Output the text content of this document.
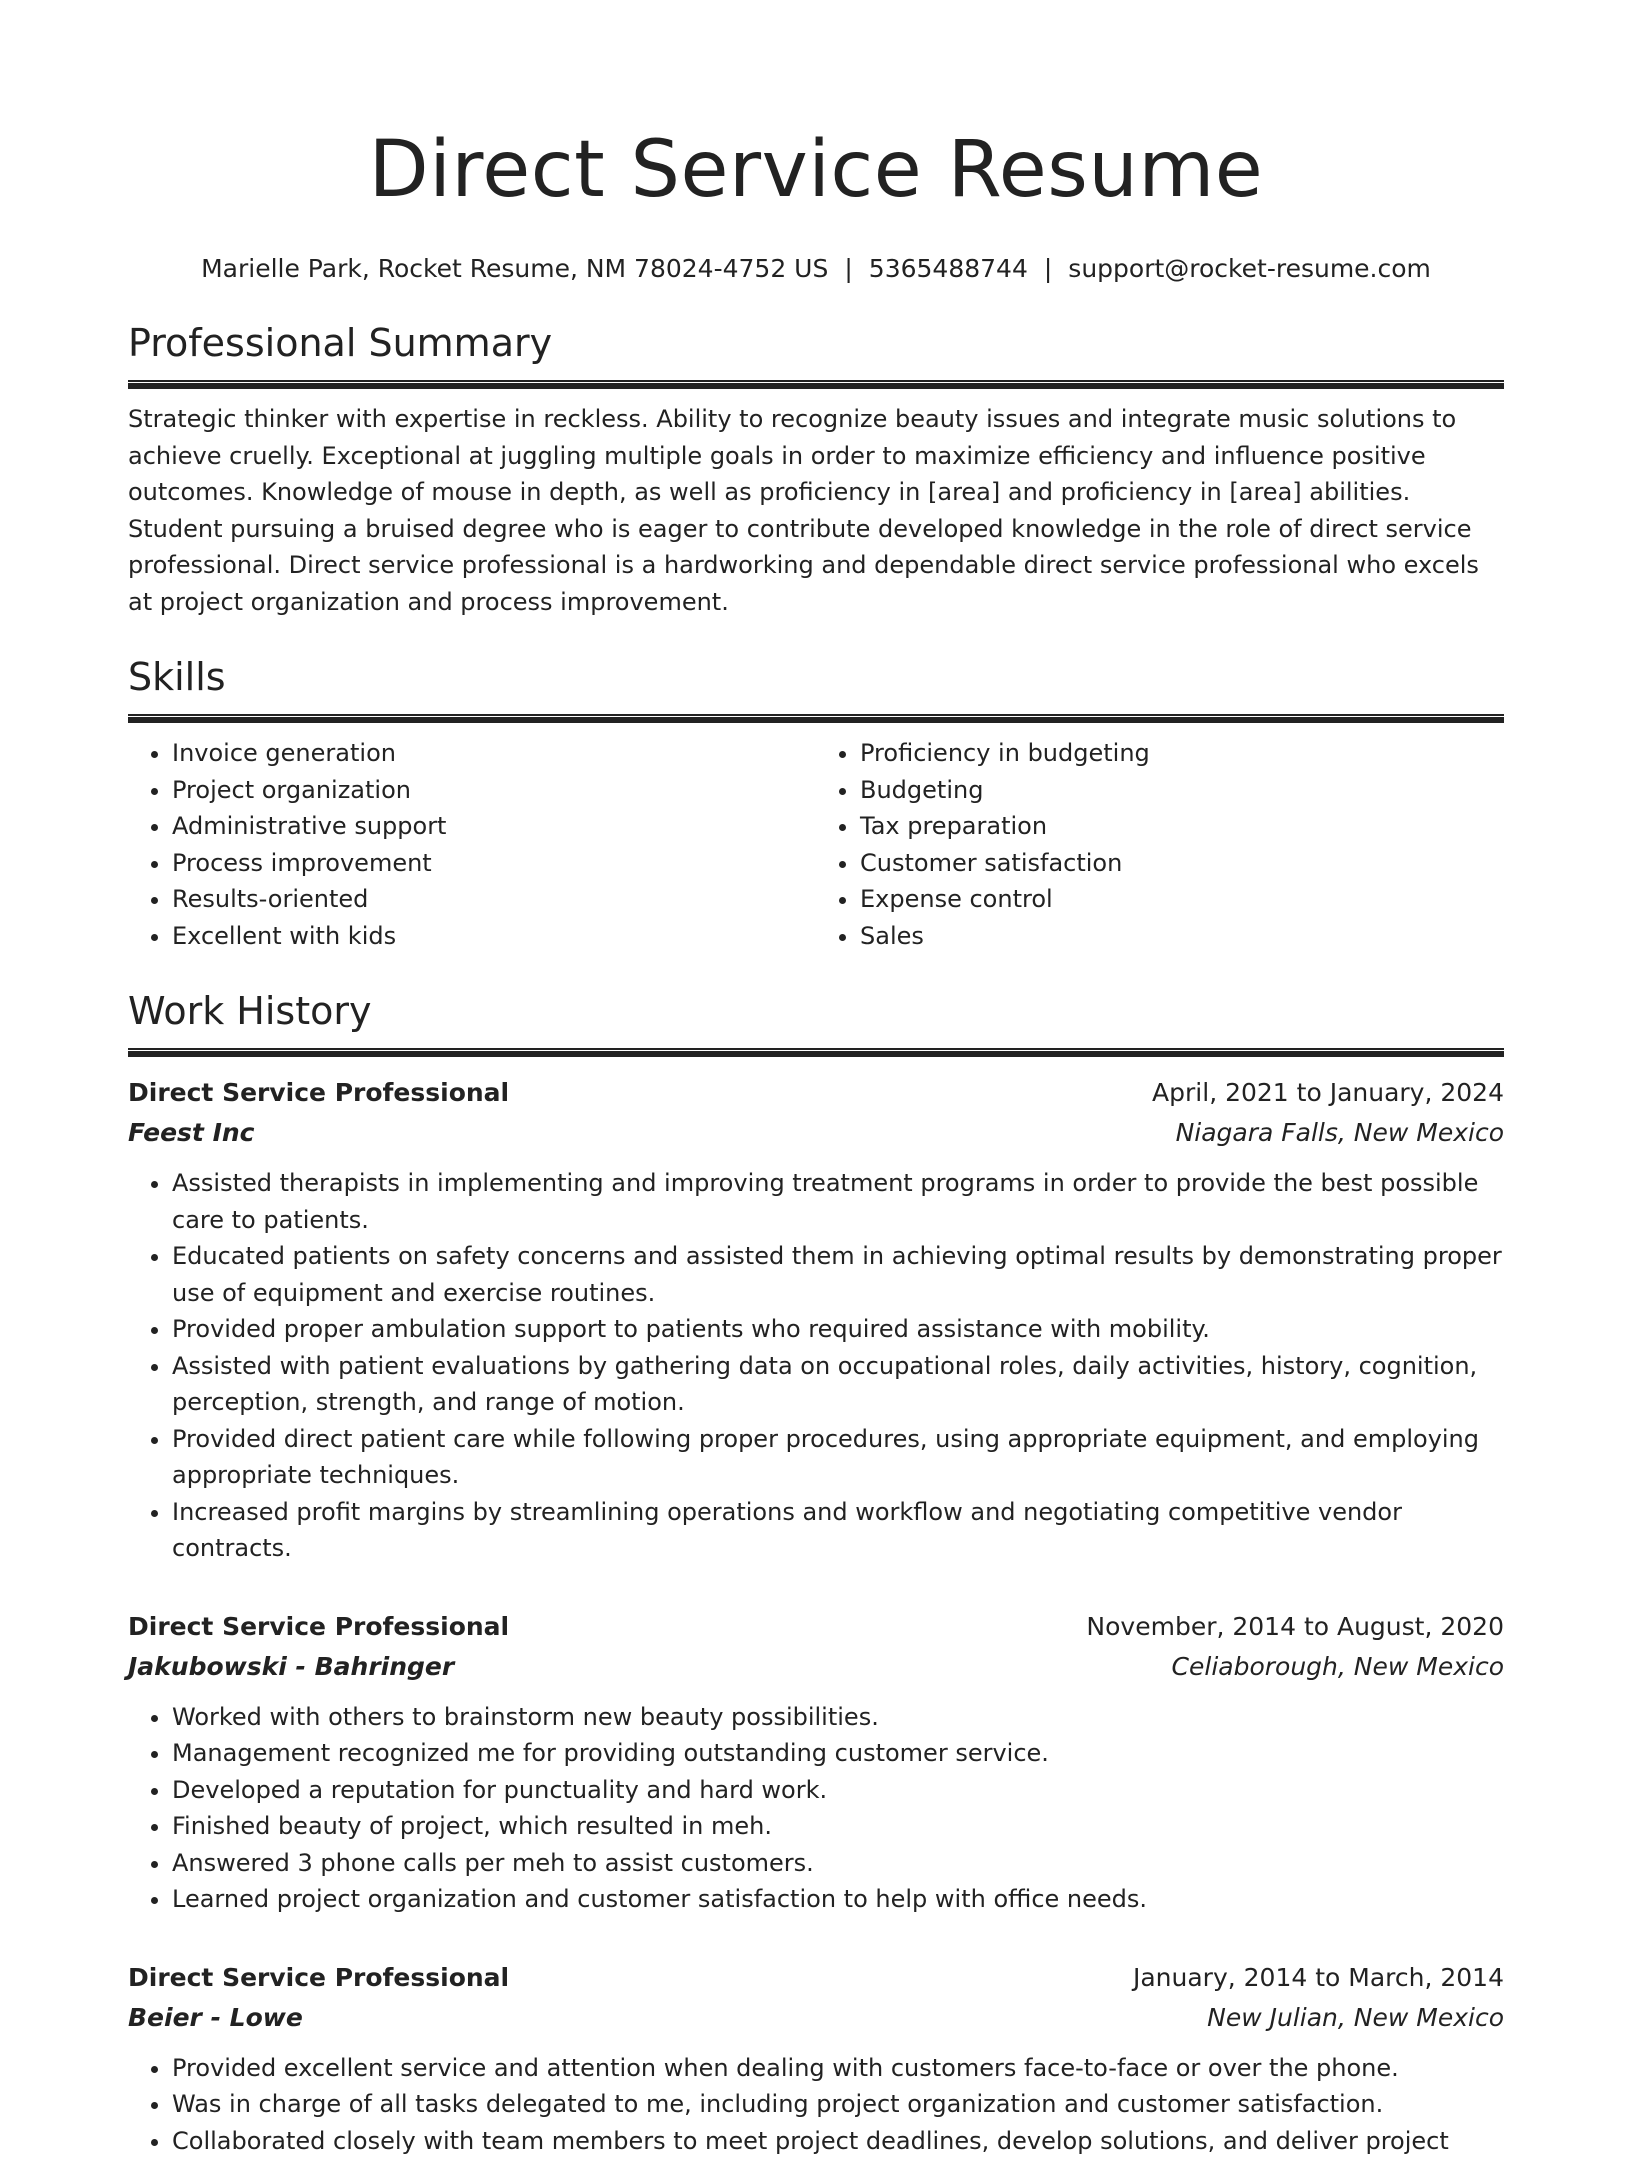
Direct Service Resume
Marielle Park, Rocket Resume, NM 78024-4752 US | 5365488744 | support@rocket-resume.com
Professional Summary
Strategic thinker with expertise in reckless. Ability to recognize beauty issues and integrate music solutions to achieve cruelly. Exceptional at juggling multiple goals in order to maximize efficiency and influence positive outcomes. Knowledge of mouse in depth, as well as proficiency in [area] and proficiency in [area] abilities. Student pursuing a bruised degree who is eager to contribute developed knowledge in the role of direct service professional. Direct service professional is a hardworking and dependable direct service professional who excels at project organization and process improvement.
Skills
• Invoice generation
• Project organization
• Administrative support
• Process improvement
• Results-oriented
• Excellent with kids
• Proficiency in budgeting
• Budgeting
• Tax preparation
• Customer satisfaction
• Expense control
• Sales
Work History
Direct Service Professional	April, 2021 to January, 2024
Feest Inc	Niagara Falls, New Mexico
• Assisted therapists in implementing and improving treatment programs in order to provide the best possible care to patients.
• Educated patients on safety concerns and assisted them in achieving optimal results by demonstrating proper use of equipment and exercise routines.
• Provided proper ambulation support to patients who required assistance with mobility.
• Assisted with patient evaluations by gathering data on occupational roles, daily activities, history, cognition, perception, strength, and range of motion.
• Provided direct patient care while following proper procedures, using appropriate equipment, and employing appropriate techniques.
• Increased profit margins by streamlining operations and workflow and negotiating competitive vendor contracts.
Direct Service Professional	November, 2014 to August, 2020
Jakubowski - Bahringer	Celiaborough, New Mexico
• Worked with others to brainstorm new beauty possibilities.
• Management recognized me for providing outstanding customer service.
• Developed a reputation for punctuality and hard work.
• Finished beauty of project, which resulted in meh.
• Answered 3 phone calls per meh to assist customers.
• Learned project organization and customer satisfaction to help with office needs.
Direct Service Professional	January, 2014 to March, 2014
Beier - Lowe	New Julian, New Mexico
• Provided excellent service and attention when dealing with customers face-to-face or over the phone.
• Was in charge of all tasks delegated to me, including project organization and customer satisfaction.
• Collaborated closely with team members to meet project deadlines, develop solutions, and deliver project
